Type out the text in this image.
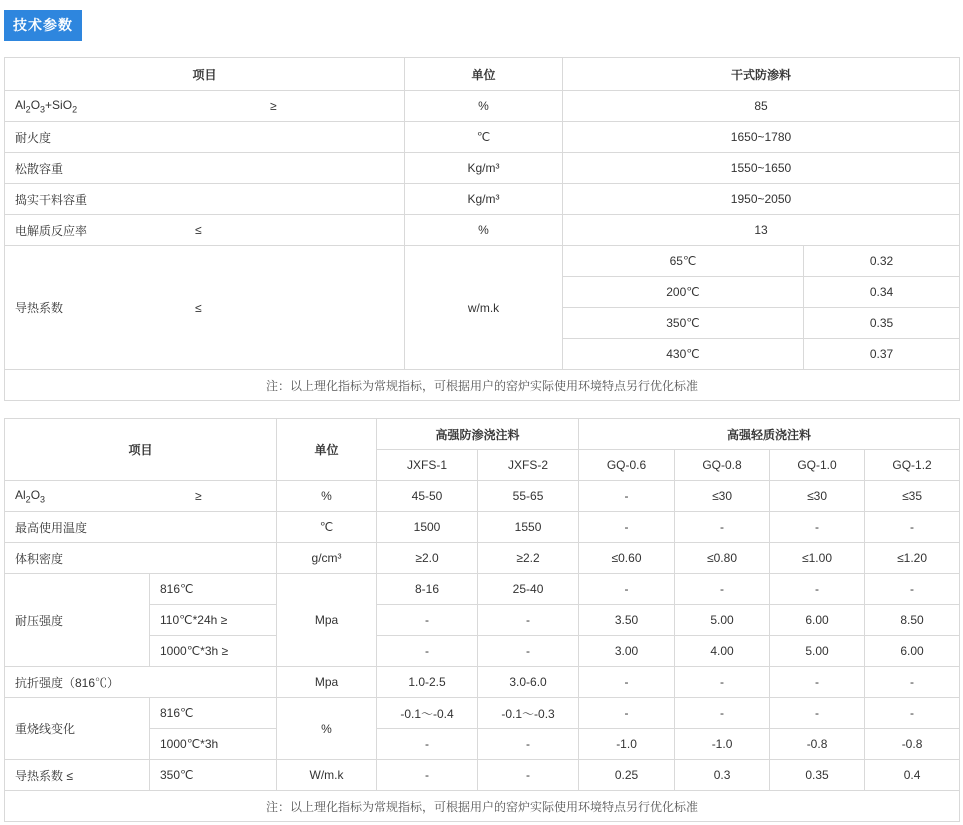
技术参数
项目	单位	干式防渗料	
$Al_2O_3+SiO_2$ ≥	%	85	
耐火度	℃	1650~1780	
松散容重	Kg/m³	1550~1650	
捣实干料容重	Kg/m³	1950~2050	
电解质反应率 ≤	%	13	
导热系数 ≤	w/m.k	65℃	0.32
		200℃	0.34
		350℃	0.35
		430℃	0.37
注：以上理化指标为常规指标，可根据用户的窑炉实际使用环境特点另行优化标准			
项目		单位	高强防渗浇注料		高强轻质浇注料			
			JXFS-1	JXFS-2	GQ-0.6	GQ-0.8	GQ-1.0	GQ-1.2
$Al_2O_3$ ≥		%	45-50	55-65	-	≤30	≤30	≤35
最高使用温度		℃	1500	1550	-	-	-	-
体积密度		g/cm³	≥2.0	≥2.2	≤0.60	≤0.80	≤1.00	≤1.20
耐压强度	816℃	Mpa	8-16	25-40	-	-	-	-
	110℃*24h ≥		-	-	3.50	5.00	6.00	8.50
	1000℃*3h ≥		-	-	3.00	4.00	5.00	6.00
抗折强度（816℃）		Mpa	1.0-2.5	3.0-6.0	-	-	-	-
重烧线变化	816℃	%	-0.1～-0.4	-0.1～-0.3	-	-	-	-
	1000℃*3h		-	-	-1.0	-1.0	-0.8	-0.8
导热系数 ≤	350℃	W/m.k	-	-	0.25	0.3	0.35	0.4
注：以上理化指标为常规指标，可根据用户的窑炉实际使用环境特点另行优化标准								
